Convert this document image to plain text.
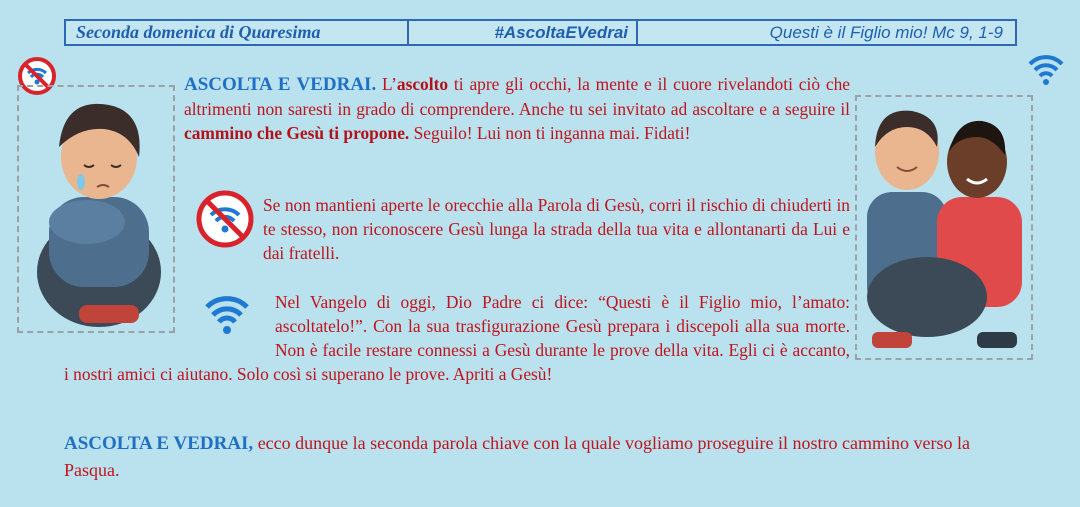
Seconda domenica di Quaresima	#AscoltaEVedrai	Questi è il Figlio mio! Mc 9, 1-9
ASCOLTA E VEDRAI. L’ascolto ti apre gli occhi, la mente e il cuore rivelandoti ciò che altrimenti non saresti in grado di comprendere. Anche tu sei invitato ad ascoltare e a seguire il cammino che Gesù ti propone. Seguilo! Lui non ti inganna mai. Fidati!
Se non mantieni aperte le orecchie alla Parola di Gesù, corri il rischio di chiuderti in te stesso, non riconoscere Gesù lunga la strada della tua vita e allontanarti da Lui e dai fratelli.
Nel Vangelo di oggi, Dio Padre ci dice: “Questi è il Figlio mio, l’amato: ascoltatelo!”. Con la sua trasfigurazione Gesù prepara i discepoli alla sua morte. Non è facile restare connessi a Gesù durante le prove della vita. Egli ci è accanto, i nostri amici ci aiutano. Solo così si superano le prove. Apriti a Gesù!
ASCOLTA E VEDRAI, ecco dunque la seconda parola chiave con la quale vogliamo proseguire il nostro cammino verso la Pasqua.
